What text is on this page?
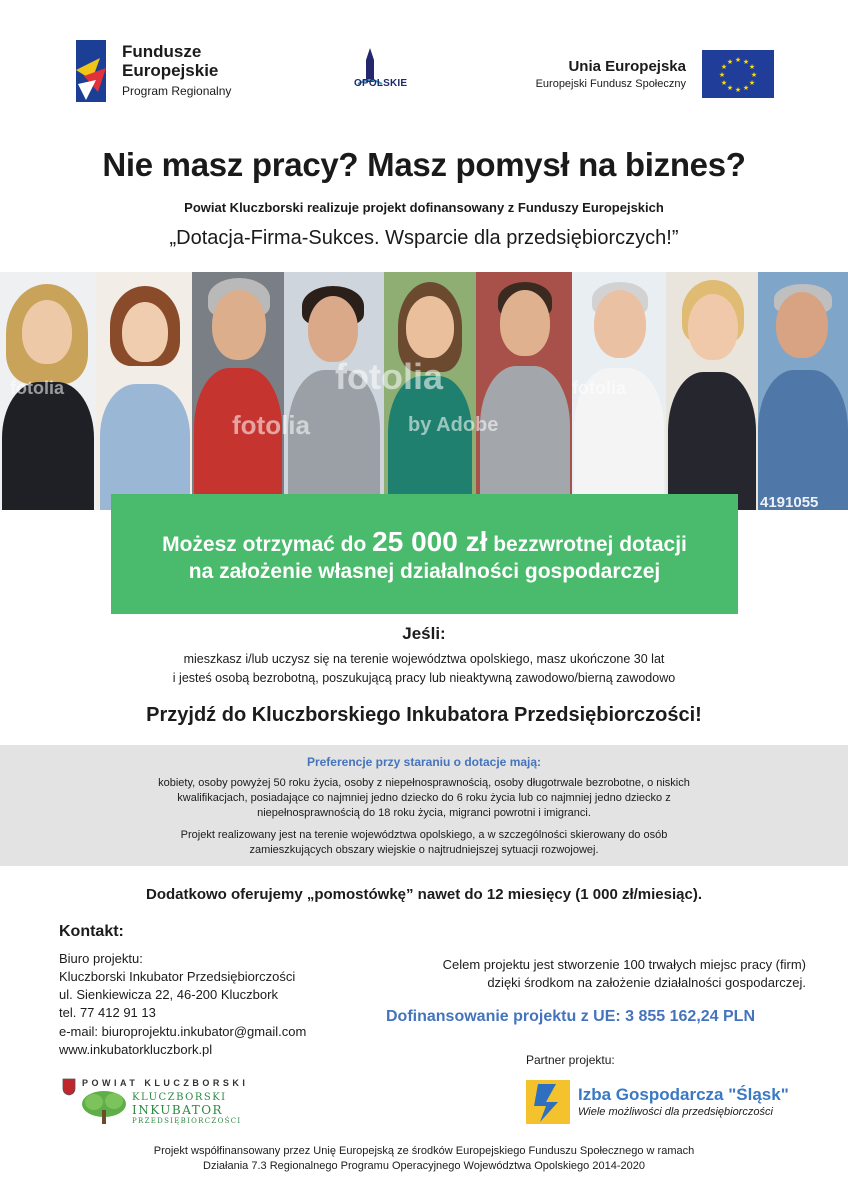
Fundusze
Europejskie
Program Regionalny
OPOLSKIE
Unia Europejska
Europejski Fundusz Społeczny
★ ★
★
★
★
★
★
★
★
★
★
★
Nie masz pracy? Masz pomysł na biznes?
Powiat Kluczborski realizuje projekt dofinansowany z Funduszy Europejskich
„Dotacja-Firma-Sukces. Wsparcie dla przedsiębiorczych!”
fotolia	fotolia
by Adobe
fotolia
fotolia
Możesz otrzymać do 25 000 zł bezzwrotnej dotacji
na założenie własnej działalności gospodarczej
4191055
Jeśli:
mieszkasz i/lub uczysz się na terenie województwa opolskiego, masz ukończone 30 lat
i jesteś osobą bezrobotną, poszukującą pracy lub nieaktywną zawodowo/bierną zawodowo
Przyjdź do Kluczborskiego Inkubatora Przedsiębiorczości!
Preferencje przy staraniu o dotacje mają:
kobiety, osoby powyżej 50 roku życia, osoby z niepełnosprawnością, osoby długotrwale bezrobotne, o niskich kwalifikacjach, posiadające co najmniej jedno dziecko do 6 roku życia lub co najmniej jedno dziecko z niepełnosprawnością do 18 roku życia, migranci powrotni i imigranci.
Projekt realizowany jest na terenie województwa opolskiego, a w szczególności skierowany do osób zamieszkujących obszary wiejskie o najtrudniejszej sytuacji rozwojowej.
Dodatkowo oferujemy „pomostówkę” nawet do 12 miesięcy (1 000 zł/miesiąc).
Kontakt:
Biuro projektu:
Kluczborski Inkubator Przedsiębiorczości
ul. Sienkiewicza 22, 46-200 Kluczbork
tel. 77 412 91 13
e-mail: biuroprojektu.inkubator@gmail.com
www.inkubatorkluczbork.pl
Celem projektu jest stworzenie 100 trwałych miejsc pracy (firm)
dzięki środkom na założenie działalności gospodarczej.
Dofinansowanie projektu z UE: 3 855 162,24 PLN
Partner projektu:
Izba Gospodarcza "Śląsk"
Wiele możliwości dla przedsiębiorczości
POWIAT KLUCZBORSKI
KLUCZBORSKI
INKUBATOR
PRZEDSIĘBIORCZOŚCI
Projekt współfinansowany przez Unię Europejską ze środków Europejskiego Funduszu Społecznego w ramach
Działania 7.3 Regionalnego Programu Operacyjnego Województwa Opolskiego 2014-2020
